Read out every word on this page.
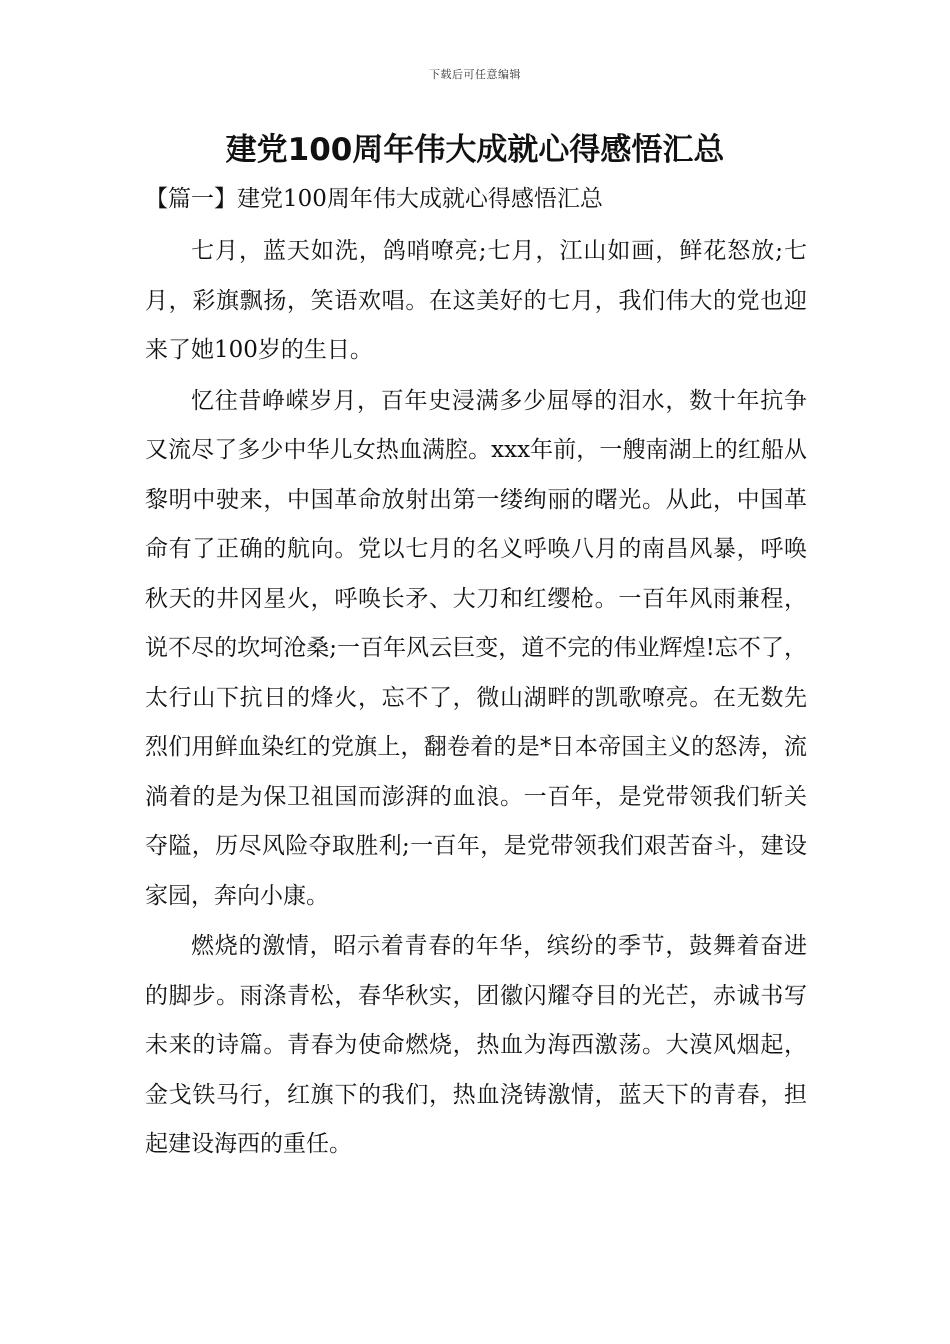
下载后可任意编辑
建党100周年伟大成就心得感悟汇总
【篇一】建党100周年伟大成就心得感悟汇总

七月，蓝天如洗，鸽哨嘹亮;七月，江山如画，鲜花怒放;七月，彩旗飘扬，笑语欢唱。在这美好的七月，我们伟大的党也迎来了她100岁的生日。

忆往昔峥嵘岁月，百年史浸满多少屈辱的泪水，数十年抗争又流尽了多少中华儿女热血满腔。xxx年前，一艘南湖上的红船从黎明中驶来，中国革命放射出第一缕绚丽的曙光。从此，中国革命有了正确的航向。党以七月的名义呼唤八月的南昌风暴，呼唤秋天的井冈星火，呼唤长矛、大刀和红缨枪。一百年风雨兼程，说不尽的坎坷沧桑;一百年风云巨变，道不完的伟业辉煌!忘不了，太行山下抗日的烽火，忘不了，微山湖畔的凯歌嘹亮。在无数先烈们用鲜血染红的党旗上，翻卷着的是*日本帝国主义的怒涛，流淌着的是为保卫祖国而澎湃的血浪。一百年，是党带领我们斩关夺隘，历尽风险夺取胜利;一百年，是党带领我们艰苦奋斗，建设家园，奔向小康。

燃烧的激情，昭示着青春的年华，缤纷的季节，鼓舞着奋进的脚步。雨涤青松，春华秋实，团徽闪耀夺目的光芒，赤诚书写未来的诗篇。青春为使命燃烧，热血为海西激荡。大漠风烟起，金戈铁马行，红旗下的我们，热血浇铸激情，蓝天下的青春，担起建设海西的重任。
